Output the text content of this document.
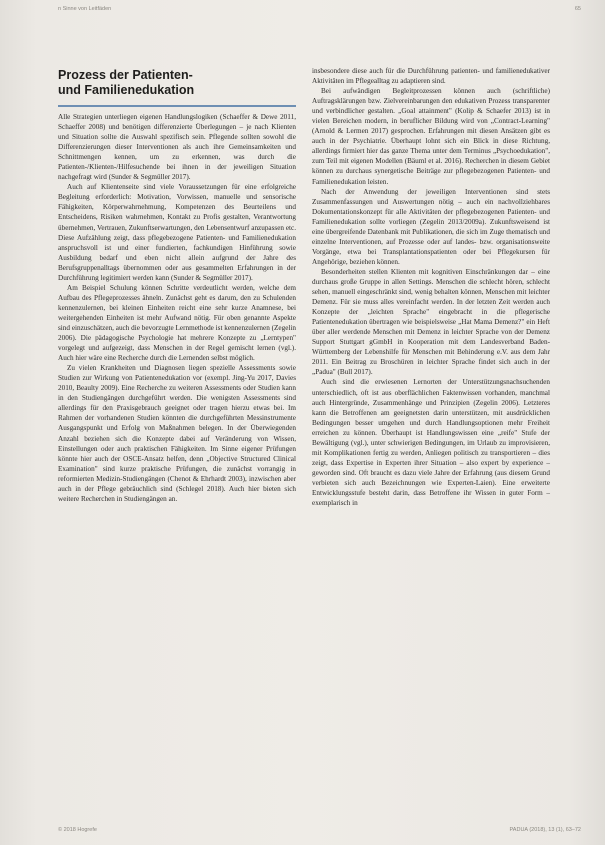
n Sinne von Leitfäden	65
Prozess der Patienten-
und Familienedukation

Alle Strategien unterliegen eigenen Handlungslogiken (Schaeffer & Dewe 2011, Schaeffer 2008) und benötigen differenzierte Überlegungen – je nach Klienten und Situation sollte die Auswahl spezifisch sein. Pflegende sollten sowohl die Differenzierungen dieser Interventionen als auch ihre Gemeinsamkeiten und Schnittmengen kennen, um zu erkennen, was durch die Patienten-/Klienten-/Hilfesuchende bei ihnen in der jeweiligen Situation nachgefragt wird (Sunder & Segmüller 2017).

Auch auf Klientenseite sind viele Voraussetzungen für eine erfolgreiche Begleitung erforderlich: Motivation, Vorwissen, manuelle und sensorische Fähigkeiten, Körperwahrnehmung, Kompetenzen des Beurteilens und Entscheidens, Risiken wahrnehmen, Kontakt zu Profis gestalten, Verantwortung übernehmen, Vertrauen, Zukunftserwartungen, den Lebensentwurf anzupassen etc. Diese Aufzählung zeigt, dass pflegebezogene Patienten- und Familienedukation anspruchsvoll ist und einer fundierten, fachkundigen Hinführung sowie Ausbildung bedarf und eben nicht allein aufgrund der Jahre des Berufsgruppenalltags übernommen oder aus gesammelten Erfahrungen in der Durchführung legitimiert werden kann (Sunder & Segmüller 2017).

Am Beispiel Schulung können Schritte verdeutlicht werden, welche dem Aufbau des Pflegeprozesses ähneln. Zunächst geht es darum, den zu Schulenden kennenzulernen, bei kleinen Einheiten reicht eine sehr kurze Anamnese, bei weitergehenden Einheiten ist mehr Aufwand nötig. Für oben genannte Aspekte sind einzuschätzen, auch die bevorzugte Lernmethode ist kennenzulernen (Zegelin 2006). Die pädagogische Psychologie hat mehrere Konzepte zu „Lerntypen" vorgelegt und aufgezeigt, dass Menschen in der Regel gemischt lernen (vgl.). Auch hier wäre eine Recherche durch die Lernenden selbst möglich.

Zu vielen Krankheiten und Diagnosen liegen spezielle Assessments sowie Studien zur Wirkung von Patientenedukation vor (exempl. Jing-Yu 2017, Davies 2010, Beaulty 2009). Eine Recherche zu weiteren Assessments oder Studien kann in den Studiengängen durchgeführt werden. Die wenigsten Assessments sind allerdings für den Praxisgebrauch geeignet oder tragen hierzu etwas bei. Im Rahmen der vorhandenen Studien könnten die durchgeführten Messinstrumente Ausgangspunkt und Erfolg von Maßnahmen belegen. In der Überwiegenden Anzahl beziehen sich die Konzepte dabei auf Veränderung von Wissen, Einstellungen oder auch praktischen Fähigkeiten. Im Sinne eigener Prüfungen könnte hier auch der OSCE-Ansatz helfen, denn „Objective Structured Clinical Examination" sind kurze praktische Prüfungen, die zunächst vorrangig in reformierten Medizin-Studiengängen (Chenot & Ehrhardt 2003), inzwischen aber auch in der Pflege gebräuchlich sind (Schlegel 2018). Auch hier bieten sich weitere Recherchen in Studiengängen an.

insbesondere diese auch für die Durchführung patienten- und familienedukativer Aktivitäten im Pflegealltag zu adaptieren sind.

Bei aufwändigen Begleitprozessen können auch (schriftliche) Auftragsklärungen bzw. Zielvereinbarungen den edukativen Prozess transparenter und verbindlicher gestalten. „Goal attainment" (Kolip & Schaefer 2013) ist in vielen Bereichen modern, in beruflicher Bildung wird von „Contract-Learning" (Arnold & Lermen 2017) gesprochen. Erfahrungen mit diesen Ansätzen gibt es auch in der Psychiatrie. Überhaupt lohnt sich ein Blick in diese Richtung, allerdings firmiert hier das ganze Thema unter dem Terminus „Psychoedukation", zum Teil mit eigenen Modellen (Bäuml et al. 2016). Recherchen in diesem Gebiet können zu durchaus synergetische Beiträge zur pflegebezogenen Patienten- und Familienedukation leisten.

Nach der Anwendung der jeweiligen Interventionen sind stets Zusammenfassungen und Auswertungen nötig – auch ein nachvollziehbares Dokumentationskonzept für alle Aktivitäten der pflegebezogenen Patienten- und Familienedukation sollte vorliegen (Zegelin 2013/2009a). Zukunftsweisend ist eine übergreifende Datenbank mit Publikationen, die sich im Zuge thematisch und einzelne Interventionen, auf Prozesse oder auf landes- bzw. organisationsweite Vorgänge, etwa bei Transplantationspatienten oder bei Pflegekursen für Angehörige, beziehen können.

Besonderheiten stellen Klienten mit kognitiven Einschränkungen dar – eine durchaus große Gruppe in allen Settings. Menschen die schlecht hören, schlecht sehen, manuell eingeschränkt sind, wenig behalten können, Menschen mit leichter Demenz. Für sie muss alles vereinfacht werden. In der letzten Zeit werden auch Konzepte der „leichten Sprache" eingebracht in die pflegerische Patientenedukation übertragen wie beispielsweise „Hat Mama Demenz?" ein Heft über aller werdende Menschen mit Demenz in leichter Sprache von der Demenz Support Stuttgart gGmbH in Kooperation mit dem Landesverband Baden-Württemberg der Lebenshilfe für Menschen mit Behinderung e.V. aus dem Jahr 2011. Ein Beitrag zu Broschüren in leichter Sprache findet sich auch in der „Padua" (Bull 2017).

Auch sind die erwiesenen Lernorten der Unterstützungsnachsuchenden unterschiedlich, oft ist aus oberflächlichen Faktenwissen vorhanden, manchmal auch Hintergründe, Zusammenhänge und Prinzipien (Zegelin 2006). Letzteres kann die Betroffenen am geeignetsten darin unterstützen, mit ausdrücklichen Bedingungen besser umgehen und durch Handlungsoptionen mehr Freiheit erreichen zu können. Überhaupt ist Handlungswissen eine „reife" Stufe der Bewältigung (vgl.), unter schwierigen Bedingungen, im Urlaub zu improvisieren, mit Komplikationen fertig zu werden, Anliegen politisch zu transportieren – dies zeigt, dass Expertise in Experten ihrer Situation – also expert by experience – geworden sind. Oft braucht es dazu viele Jahre der Erfahrung (aus diesem Grund verbieten sich auch Bezeichnungen wie Experten-Laien). Eine erweiterte Entwicklungsstufe besteht darin, dass Betroffene ihr Wissen in guter Form – exemplarisch in

© 2018 Hogrefe	PADUA (2018), 13 (1), 63–72
